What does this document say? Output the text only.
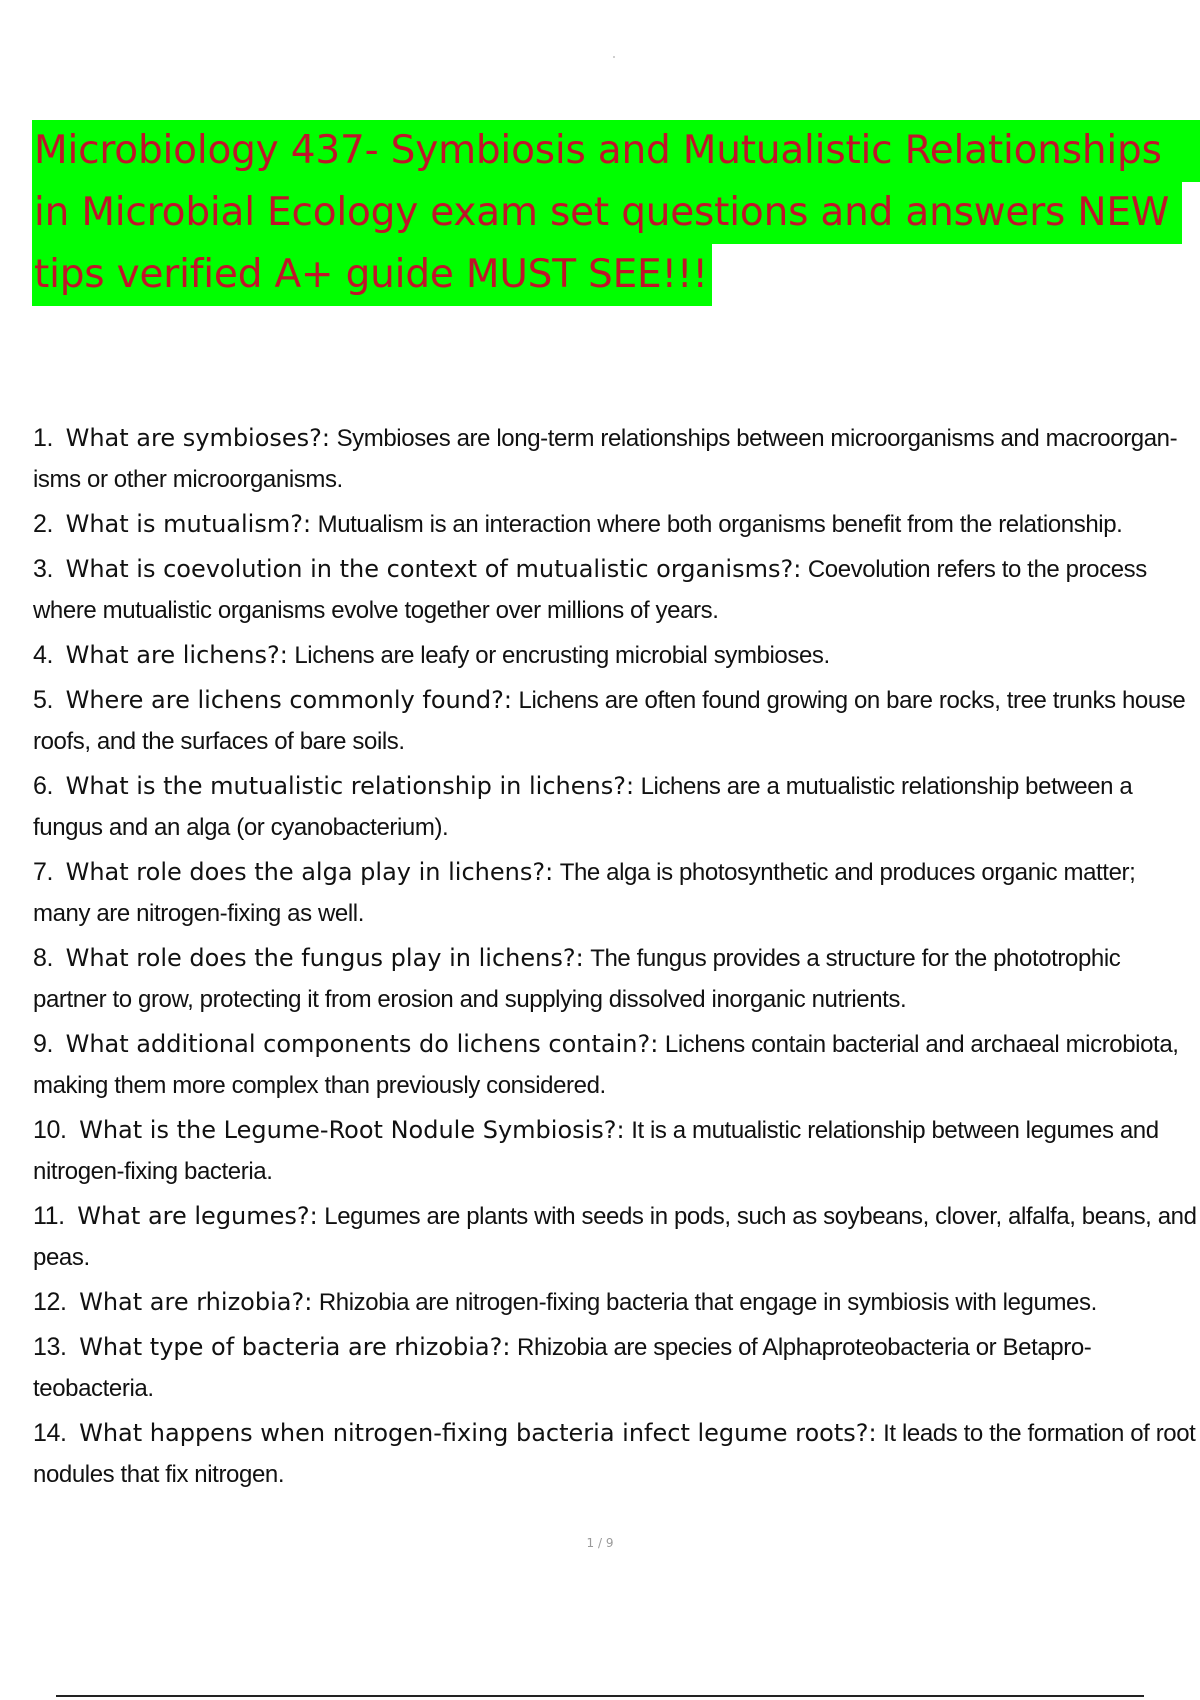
Microbiology 437- Symbiosis and Mutualistic Relationships
in Microbial Ecology exam set questions and answers NEW
tips verified A+ guide MUST SEE!!!
1. What are symbioses?: Symbioses are long-term relationships between microorganisms and macroorgan-isms or other microorganisms.
2. What is mutualism?: Mutualism is an interaction where both organisms benefit from the relationship.
3. What is coevolution in the context of mutualistic organisms?: Coevolution refers to the process where mutualistic organisms evolve together over millions of years.
4. What are lichens?: Lichens are leafy or encrusting microbial symbioses.
5. Where are lichens commonly found?: Lichens are often found growing on bare rocks, tree trunks house roofs, and the surfaces of bare soils.
6. What is the mutualistic relationship in lichens?: Lichens are a mutualistic relationship between a fungus and an alga (or cyanobacterium).
7. What role does the alga play in lichens?: The alga is photosynthetic and produces organic matter; many are nitrogen-fixing as well.
8. What role does the fungus play in lichens?: The fungus provides a structure for the phototrophic partner to grow, protecting it from erosion and supplying dissolved inorganic nutrients.
9. What additional components do lichens contain?: Lichens contain bacterial and archaeal microbiota, making them more complex than previously considered.
10. What is the Legume-Root Nodule Symbiosis?: It is a mutualistic relationship between legumes and nitrogen-fixing bacteria.
11. What are legumes?: Legumes are plants with seeds in pods, such as soybeans, clover, alfalfa, beans, and peas.
12. What are rhizobia?: Rhizobia are nitrogen-fixing bacteria that engage in symbiosis with legumes.
13. What type of bacteria are rhizobia?: Rhizobia are species of Alphaproteobacteria or Betapro-teobacteria.
14. What happens when nitrogen-fixing bacteria infect legume roots?: It leads to the formation of root nodules that fix nitrogen.
1 / 9
